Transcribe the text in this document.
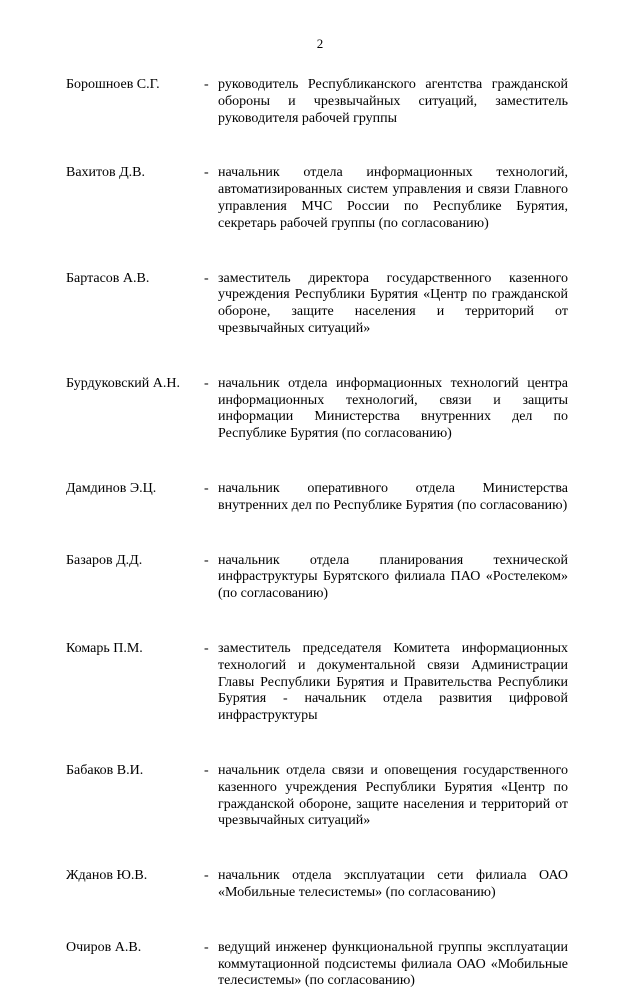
2
Борошноев С.Г.	- руководитель Республиканского агентства гражданской обороны и чрезвычайных ситуаций, заместитель руководителя рабочей группы
Вахитов Д.В.	- начальник отдела информационных технологий, автоматизированных систем управления и связи Главного управления МЧС России по Республике Бурятия, секретарь рабочей группы (по согласованию)
Бартасов А.В.	- заместитель директора государственного казенного учреждения Республики Бурятия «Центр по гражданской обороне, защите населения и территорий от чрезвычайных ситуаций»
Бурдуковский А.Н.	- начальник отдела информационных технологий центра информационных технологий, связи и защиты информации Министерства внутренних дел по Республике Бурятия (по согласованию)
Дамдинов Э.Ц.	- начальник оперативного отдела Министерства внутренних дел по Республике Бурятия (по согласованию)
Базаров Д.Д.	- начальник отдела планирования технической инфраструктуры Бурятского филиала ПАО «Ростелеком» (по согласованию)
Комарь П.М.	- заместитель председателя Комитета информационных технологий и документальной связи Администрации Главы Республики Бурятия и Правительства Республики Бурятия - начальник отдела развития цифровой инфраструктуры
Бабаков В.И.	- начальник отдела связи и оповещения государственного казенного учреждения Республики Бурятия «Центр по гражданской обороне, защите населения и территорий от чрезвычайных ситуаций»
Жданов Ю.В.	- начальник отдела эксплуатации сети филиала ОАО «Мобильные телесистемы» (по согласованию)
Очиров А.В.	- ведущий инженер функциональной группы эксплуатации коммутационной подсистемы филиала ОАО «Мобильные телесистемы» (по согласованию)
